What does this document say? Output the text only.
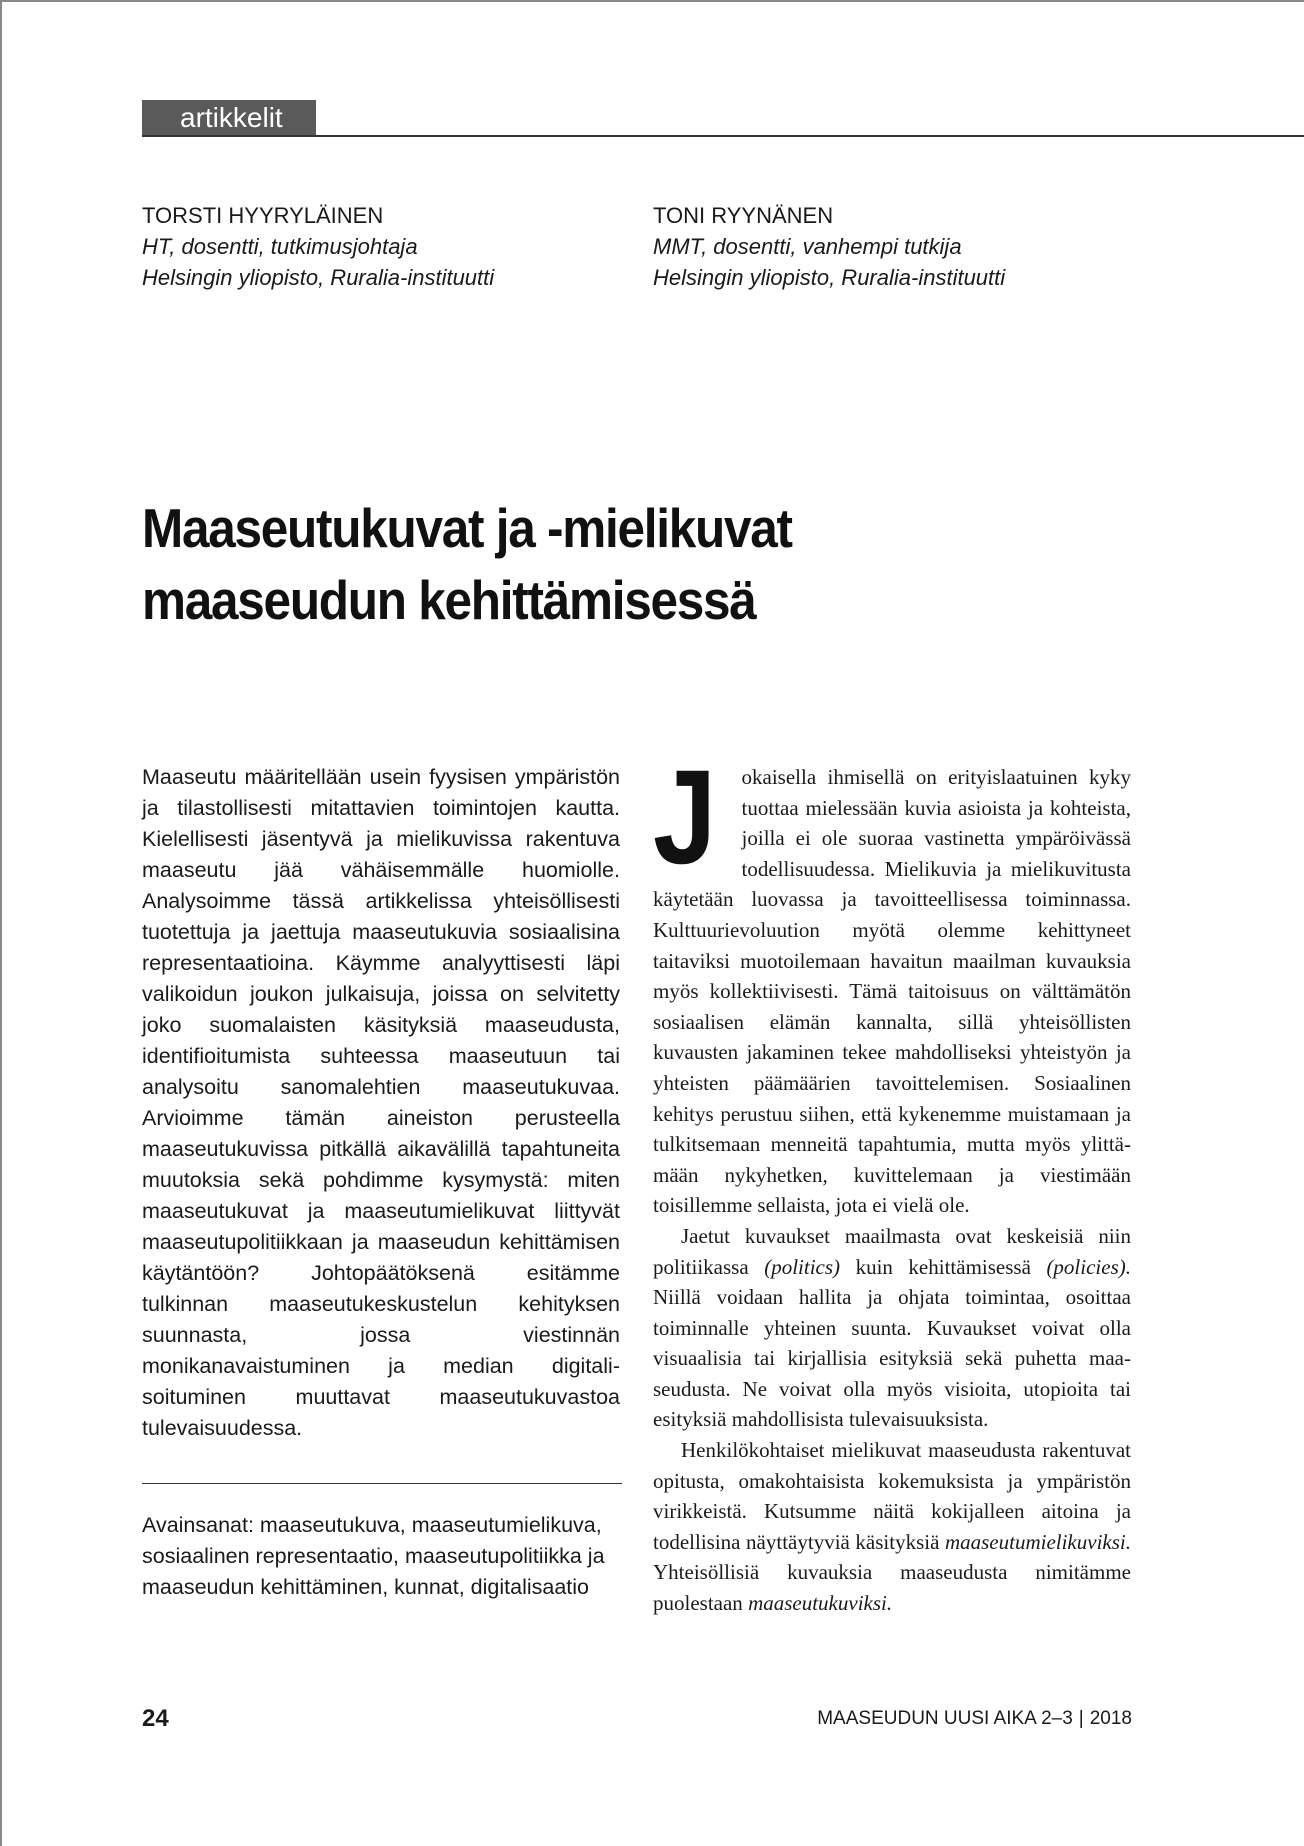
artikkelit
TORSTI HYYRYLÄINEN
HT, dosentti, tutkimusjohtaja
Helsingin yliopisto, Ruralia-instituutti
TONI RYYNÄNEN
MMT, dosentti, vanhempi tutkija
Helsingin yliopisto, Ruralia-instituutti
Maaseutukuvat ja -mielikuvat maaseudun kehittämisessä
Maaseutu määritellään usein fyysisen ympäristön ja tilastollisesti mitattavien toimintojen kautta. Kielellisesti jäsentyvä ja mielikuvissa rakentuva maaseutu jää vähäisemmälle huomiolle. Analysoimme tässä artikkelissa yhteisöllisesti tuotettuja ja jaettuja maaseutukuvia sosiaalisina representaatioina. Käymme analyyttisesti läpi valikoidun joukon julkaisuja, joissa on selvitetty joko suomalaisten käsityksiä maaseudusta, identifioitumista suhteessa maaseutuun tai analysoitu sanomalehtien maaseutukuvaa. Arvioimme tämän aineiston perusteella maaseutukuvissa pitkällä aikavälillä tapahtuneita muutoksia sekä pohdimme kysymystä: miten maaseutukuvat ja maaseutumielikuvat liittyvät maaseutupolitiikkaan ja maaseudun kehittämisen käytäntöön? Johtopäätöksenä esitämme tulkinnan maaseutukeskustelun kehityksen suunnasta, jossa viestinnän monikanavaistuminen ja median digitalisoituminen muuttavat maaseutukuvastoa tulevaisuudessa.
Avainsanat: maaseutukuva, maaseutumielikuva, sosiaalinen representaatio, maaseutupolitiikka ja maaseudun kehittäminen, kunnat, digitalisaatio

J okaisella ihmisellä on erityislaatuinen kyky tuottaa mielessään kuvia asioista ja kohteista, joilla ei ole suoraa vastinetta ympäröivässä todellisuudessa. Mielikuvia ja mielikuvitusta käytetään luovassa ja tavoitteellisessa toiminnassa. Kulttuurievoluution myötä olemme kehittyneet taitaviksi muotoilemaan havaitun maailman kuvauksia myös kollektiivisesti. Tämä taitoisuus on välttämätön sosiaalisen elämän kannalta, sillä yhteisöllisten kuvausten jakaminen tekee mahdolliseksi yhteistyön ja yhteisten päämäärien tavoittelemisen. Sosiaalinen kehitys perustuu siihen, että kykenemme muistamaan ja tulkitsemaan menneitä tapahtumia, mutta myös ylittämään nykyhetken, kuvittelemaan ja viestimään toisillemme sellaista, jota ei vielä ole.

Jaetut kuvaukset maailmasta ovat keskeisiä niin politiikassa (politics) kuin kehittämisessä (policies). Niillä voidaan hallita ja ohjata toimintaa, osoittaa toiminnalle yhteinen suunta. Kuvaukset voivat olla visuaalisia tai kirjallisia esityksiä sekä puhetta maaseudusta. Ne voivat olla myös visioita, utopioita tai esityksiä mahdollisista tulevaisuuksista.

Henkilökohtaiset mielikuvat maaseudusta rakentuvat opitusta, omakohtaisista kokemuksista ja ympäristön virikkeistä. Kutsumme näitä kokijalleen aitoina ja todellisina näyttäytyviä käsityksiä maaseutumielikuviksi. Yhteisöllisiä kuvauksia maaseudusta nimitämme puolestaan maaseutukuviksi.

24	MAASEUDUN UUSI AIKA 2–3 | 2018
